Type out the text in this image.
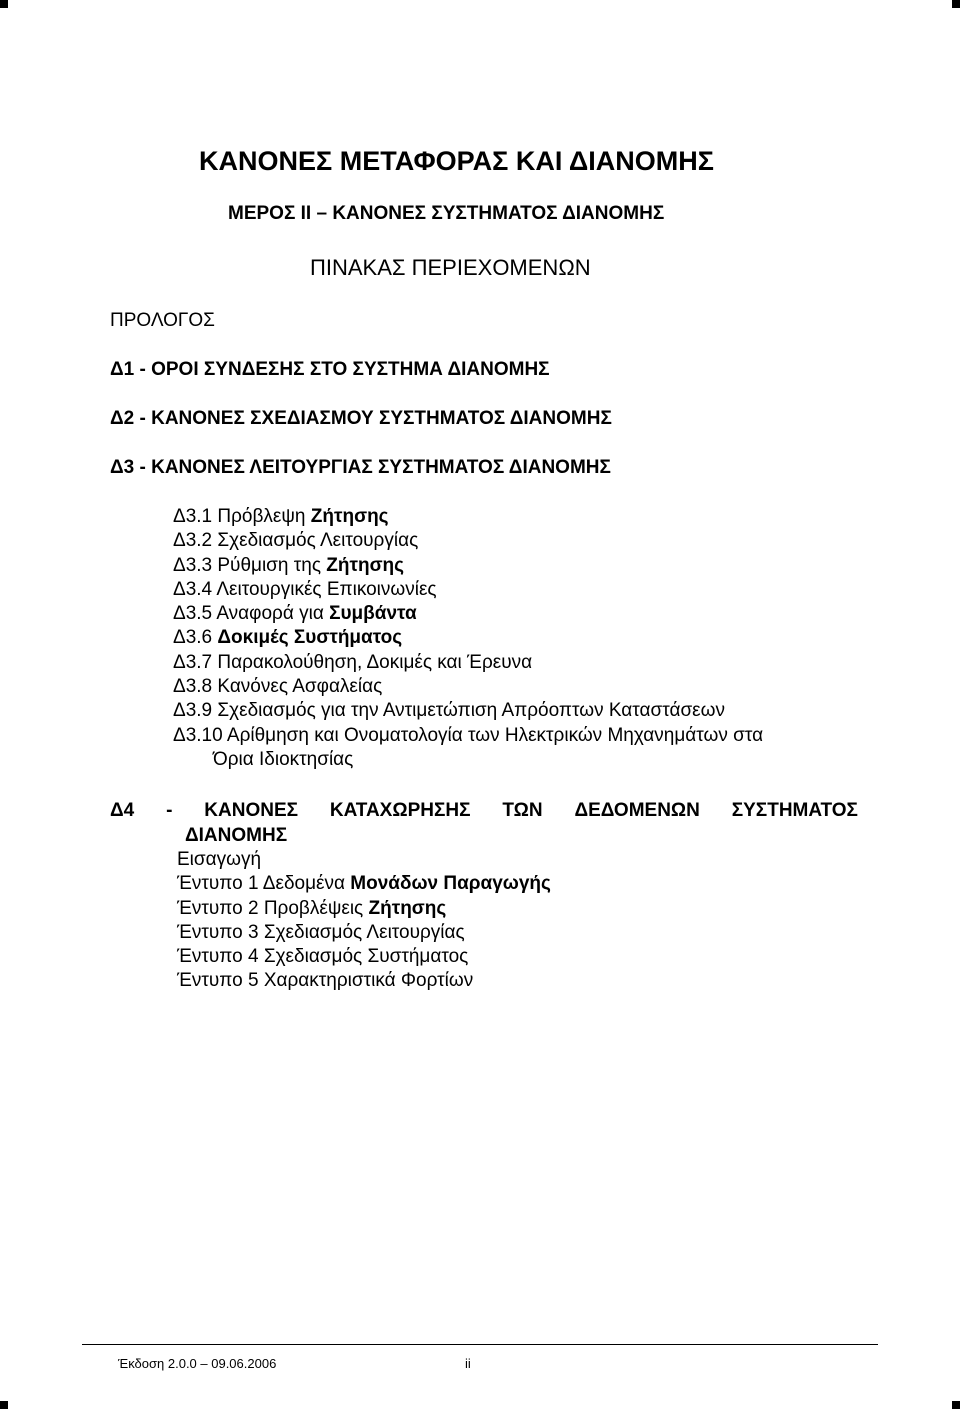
ΚΑΝΟΝΕΣ ΜΕΤΑΦΟΡΑΣ ΚΑΙ ΔΙΑΝΟΜΗΣ
ΜΕΡΟΣ ΙΙ – ΚΑΝΟΝΕΣ ΣΥΣΤΗΜΑΤΟΣ ΔΙΑΝΟΜΗΣ
ΠΙΝΑΚΑΣ ΠΕΡΙΕΧΟΜΕΝΩΝ
ΠΡΟΛΟΓΟΣ
Δ1 - ΟΡΟΙ ΣΥΝΔΕΣΗΣ ΣΤΟ ΣΥΣΤΗΜΑ ΔΙΑΝΟΜΗΣ
Δ2 - ΚΑΝΟΝΕΣ ΣΧΕΔΙΑΣΜΟΥ ΣΥΣΤΗΜΑΤΟΣ ΔΙΑΝΟΜΗΣ
Δ3 - ΚΑΝΟΝΕΣ ΛΕΙΤΟΥΡΓΙΑΣ ΣΥΣΤΗΜΑΤΟΣ ΔΙΑΝΟΜΗΣ
Δ3.1 Πρόβλεψη Ζήτησης
Δ3.2 Σχεδιασμός Λειτουργίας
Δ3.3 Ρύθμιση της Ζήτησης
Δ3.4 Λειτουργικές Επικοινωνίες
Δ3.5 Αναφορά για Συμβάντα
Δ3.6 Δοκιμές Συστήματος
Δ3.7 Παρακολούθηση, Δοκιμές και Έρευνα
Δ3.8 Κανόνες Ασφαλείας
Δ3.9 Σχεδιασμός για την Αντιμετώπιση Απρόοπτων Καταστάσεων
Δ3.10 Αρίθμηση και Ονοματολογία των Ηλεκτρικών Μηχανημάτων στα
Όρια Ιδιοκτησίας
Δ4 - ΚΑΝΟΝΕΣ ΚΑΤΑΧΩΡΗΣΗΣ ΤΩΝ ΔΕΔΟΜΕΝΩΝ ΣΥΣΤΗΜΑΤΟΣ
ΔΙΑΝΟΜΗΣ
Εισαγωγή
Έντυπο 1 Δεδομένα Μονάδων Παραγωγής
Έντυπο 2 Προβλέψεις Ζήτησης
Έντυπο 3 Σχεδιασμός Λειτουργίας
Έντυπο 4 Σχεδιασμός Συστήματος
Έντυπο 5 Χαρακτηριστικά Φορτίων
Έκδοση 2.0.0 – 09.06.2006	ii
